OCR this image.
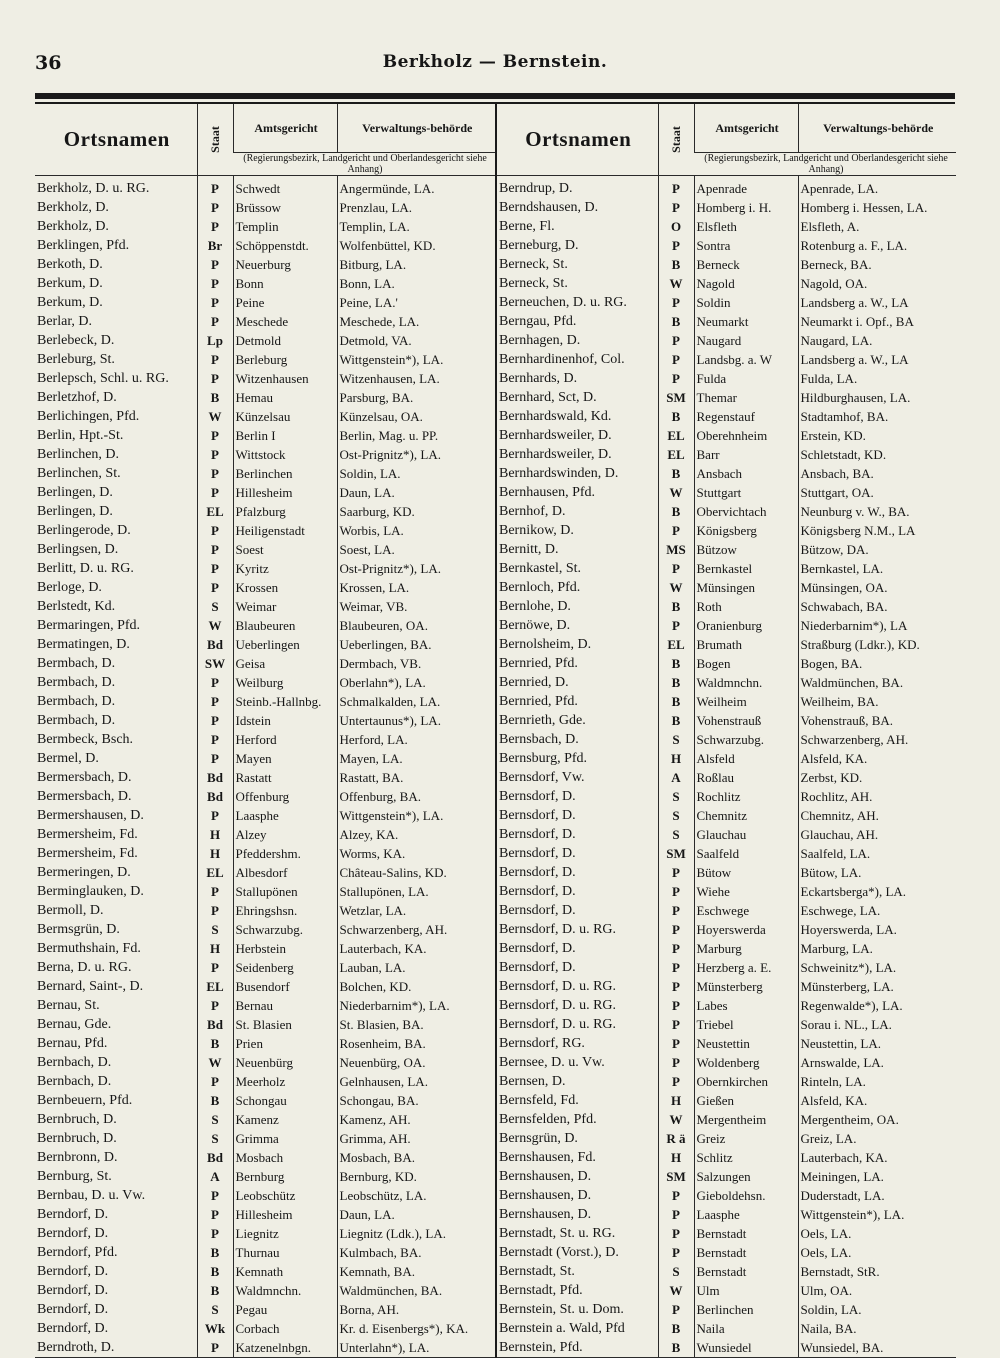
36	Berkholz — Bernstein.
Ortsnamen	Staat	Amtsgericht	Verwaltungs-behörde
		(Regierungsbezirk, Landgericht und Oberlandesgericht siehe Anhang)	
Berkholz, D. u. RG.	P	Schwedt	Angermünde, LA.
Berkholz, D.	P	Brüssow	Prenzlau, LA.
Berkholz, D.	P	Templin	Templin, LA.
Berklingen, Pfd.	Br	Schöppenstdt.	Wolfenbüttel, KD.
Berkoth, D.	P	Neuerburg	Bitburg, LA.
Berkum, D.	P	Bonn	Bonn, LA.
Berkum, D.	P	Peine	Peine, LA.'
Berlar, D.	P	Meschede	Meschede, LA.
Berlebeck, D.	Lp	Detmold	Detmold, VA.
Berleburg, St.	P	Berleburg	Wittgenstein*), LA.
Berlepsch, Schl. u. RG.	P	Witzenhausen	Witzenhausen, LA.
Berletzhof, D.	B	Hemau	Parsburg, BA.
Berlichingen, Pfd.	W	Künzelsau	Künzelsau, OA.
Berlin, Hpt.-St.	P	Berlin I	Berlin, Mag. u. PP.
Berlinchen, D.	P	Wittstock	Ost-Prignitz*), LA.
Berlinchen, St.	P	Berlinchen	Soldin, LA.
Berlingen, D.	P	Hillesheim	Daun, LA.
Berlingen, D.	EL	Pfalzburg	Saarburg, KD.
Berlingerode, D.	P	Heiligenstadt	Worbis, LA.
Berlingsen, D.	P	Soest	Soest, LA.
Berlitt, D. u. RG.	P	Kyritz	Ost-Prignitz*), LA.
Berloge, D.	P	Krossen	Krossen, LA.
Berlstedt, Kd.	S	Weimar	Weimar, VB.
Bermaringen, Pfd.	W	Blaubeuren	Blaubeuren, OA.
Bermatingen, D.	Bd	Ueberlingen	Ueberlingen, BA.
Bermbach, D.	SW	Geisa	Dermbach, VB.
Bermbach, D.	P	Weilburg	Oberlahn*), LA.
Bermbach, D.	P	Steinb.-Hallnbg.	Schmalkalden, LA.
Bermbach, D.	P	Idstein	Untertaunus*), LA.
Bermbeck, Bsch.	P	Herford	Herford, LA.
Bermel, D.	P	Mayen	Mayen, LA.
Bermersbach, D.	Bd	Rastatt	Rastatt, BA.
Bermersbach, D.	Bd	Offenburg	Offenburg, BA.
Bermershausen, D.	P	Laasphe	Wittgenstein*), LA.
Bermersheim, Fd.	H	Alzey	Alzey, KA.
Bermersheim, Fd.	H	Pfeddershm.	Worms, KA.
Bermeringen, D.	EL	Albesdorf	Château-Salins, KD.
Berminglauken, D.	P	Stallupönen	Stallupönen, LA.
Bermoll, D.	P	Ehringshsn.	Wetzlar, LA.
Bermsgrün, D.	S	Schwarzubg.	Schwarzenberg, AH.
Bermuthshain, Fd.	H	Herbstein	Lauterbach, KA.
Berna, D. u. RG.	P	Seidenberg	Lauban, LA.
Bernard, Saint-, D.	EL	Busendorf	Bolchen, KD.
Bernau, St.	P	Bernau	Niederbarnim*), LA.
Bernau, Gde.	Bd	St. Blasien	St. Blasien, BA.
Bernau, Pfd.	B	Prien	Rosenheim, BA.
Bernbach, D.	W	Neuenbürg	Neuenbürg, OA.
Bernbach, D.	P	Meerholz	Gelnhausen, LA.
Bernbeuern, Pfd.	B	Schongau	Schongau, BA.
Bernbruch, D.	S	Kamenz	Kamenz, AH.
Bernbruch, D.	S	Grimma	Grimma, AH.
Bernbronn, D.	Bd	Mosbach	Mosbach, BA.
Bernburg, St.	A	Bernburg	Bernburg, KD.
Bernbau, D. u. Vw.	P	Leobschütz	Leobschütz, LA.
Berndorf, D.	P	Hillesheim	Daun, LA.
Berndorf, D.	P	Liegnitz	Liegnitz (Ldk.), LA.
Berndorf, Pfd.	B	Thurnau	Kulmbach, BA.
Berndorf, D.	B	Kemnath	Kemnath, BA.
Berndorf, D.	B	Waldmnchn.	Waldmünchen, BA.
Berndorf, D.	S	Pegau	Borna, AH.
Berndorf, D.	Wk	Corbach	Kr. d. Eisenbergs*), KA.
Berndroth, D.	P	Katzenelnbgn.	Unterlahn*), LA.
Ortsnamen	Staat	Amtsgericht	Verwaltungs-behörde
		(Regierungsbezirk, Landgericht und Oberlandesgericht siehe Anhang)	
Berndrup, D.	P	Apenrade	Apenrade, LA.
Berndshausen, D.	P	Homberg i. H.	Homberg i. Hessen, LA.
Berne, Fl.	O	Elsfleth	Elsfleth, A.
Berneburg, D.	P	Sontra	Rotenburg a. F., LA.
Berneck, St.	B	Berneck	Berneck, BA.
Berneck, St.	W	Nagold	Nagold, OA.
Berneuchen, D. u. RG.	P	Soldin	Landsberg a. W., LA
Berngau, Pfd.	B	Neumarkt	Neumarkt i. Opf., BA
Bernhagen, D.	P	Naugard	Naugard, LA.
Bernhardinenhof, Col.	P	Landsbg. a. W	Landsberg a. W., LA
Bernhards, D.	P	Fulda	Fulda, LA.
Bernhard, Sct, D.	SM	Themar	Hildburghausen, LA.
Bernhardswald, Kd.	B	Regenstauf	Stadtamhof, BA.
Bernhardsweiler, D.	EL	Oberehnheim	Erstein, KD.
Bernhardsweiler, D.	EL	Barr	Schletstadt, KD.
Bernhardswinden, D.	B	Ansbach	Ansbach, BA.
Bernhausen, Pfd.	W	Stuttgart	Stuttgart, OA.
Bernhof, D.	B	Obervichtach	Neunburg v. W., BA.
Bernikow, D.	P	Königsberg	Königsberg N.M., LA
Bernitt, D.	MS	Bützow	Bützow, DA.
Bernkastel, St.	P	Bernkastel	Bernkastel, LA.
Bernloch, Pfd.	W	Münsingen	Münsingen, OA.
Bernlohe, D.	B	Roth	Schwabach, BA.
Bernöwe, D.	P	Oranienburg	Niederbarnim*), LA
Bernolsheim, D.	EL	Brumath	Straßburg (Ldkr.), KD.
Bernried, Pfd.	B	Bogen	Bogen, BA.
Bernried, D.	B	Waldmnchn.	Waldmünchen, BA.
Bernried, Pfd.	B	Weilheim	Weilheim, BA.
Bernrieth, Gde.	B	Vohenstrauß	Vohenstrauß, BA.
Bernsbach, D.	S	Schwarzubg.	Schwarzenberg, AH.
Bernsburg, Pfd.	H	Alsfeld	Alsfeld, KA.
Bernsdorf, Vw.	A	Roßlau	Zerbst, KD.
Bernsdorf, D.	S	Rochlitz	Rochlitz, AH.
Bernsdorf, D.	S	Chemnitz	Chemnitz, AH.
Bernsdorf, D.	S	Glauchau	Glauchau, AH.
Bernsdorf, D.	SM	Saalfeld	Saalfeld, LA.
Bernsdorf, D.	P	Bütow	Bütow, LA.
Bernsdorf, D.	P	Wiehe	Eckartsberga*), LA.
Bernsdorf, D.	P	Eschwege	Eschwege, LA.
Bernsdorf, D. u. RG.	P	Hoyerswerda	Hoyerswerda, LA.
Bernsdorf, D.	P	Marburg	Marburg, LA.
Bernsdorf, D.	P	Herzberg a. E.	Schweinitz*), LA.
Bernsdorf, D. u. RG.	P	Münsterberg	Münsterberg, LA.
Bernsdorf, D. u. RG.	P	Labes	Regenwalde*), LA.
Bernsdorf, D. u. RG.	P	Triebel	Sorau i. NL., LA.
Bernsdorf, RG.	P	Neustettin	Neustettin, LA.
Bernsee, D. u. Vw.	P	Woldenberg	Arnswalde, LA.
Bernsen, D.	P	Obernkirchen	Rinteln, LA.
Bernsfeld, Fd.	H	Gießen	Alsfeld, KA.
Bernsfelden, Pfd.	W	Mergentheim	Mergentheim, OA.
Bernsgrün, D.	R ä	Greiz	Greiz, LA.
Bernshausen, Fd.	H	Schlitz	Lauterbach, KA.
Bernshausen, D.	SM	Salzungen	Meiningen, LA.
Bernshausen, D.	P	Gieboldehsn.	Duderstadt, LA.
Bernshausen, D.	P	Laasphe	Wittgenstein*), LA.
Bernstadt, St. u. RG.	P	Bernstadt	Oels, LA.
Bernstadt (Vorst.), D.	P	Bernstadt	Oels, LA.
Bernstadt, St.	S	Bernstadt	Bernstadt, StR.
Bernstadt, Pfd.	W	Ulm	Ulm, OA.
Bernstein, St. u. Dom.	P	Berlinchen	Soldin, LA.
Bernstein a. Wald, Pfd	B	Naila	Naila, BA.
Bernstein, Pfd.	B	Wunsiedel	Wunsiedel, BA.
